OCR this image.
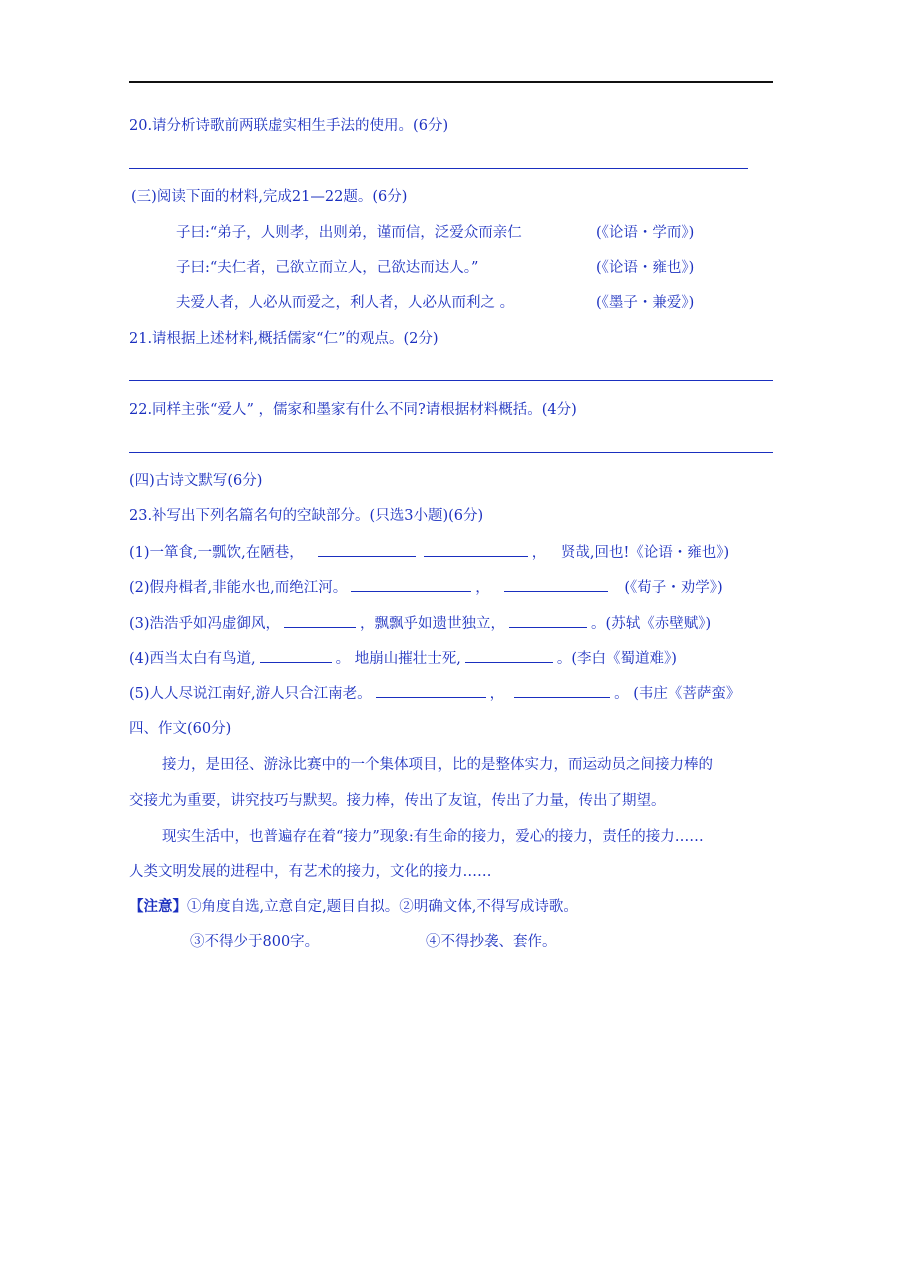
20.请分析诗歌前两联虚实相生手法的使用。(6分)
(三)阅读下面的材料,完成21—22题。(6分)
子曰:“弟子，人则孝，出则弟，谨而信，泛爱众而亲仁	(《论语・学而》)
子曰:“夫仁者，己欲立而立人，己欲达而达人。”	(《论语・雍也》)
夫爱人者，人必从而爱之，利人者，人必从而利之 。	(《墨子・兼爱》)
21.请根据上述材料,概括儒家“仁”的观点。(2分)
22.同样主张“爱人” ，儒家和墨家有什么不同?请根据材料概括。(4分)
(四)古诗文默写(6分)
23.补写出下列名篇名句的空缺部分。(只选3小题)(6分)
(1)一箪食,一瓢饮,在陋巷，	， 贤哉,回也!《论语・雍也》)
(2)假舟楫者,非能水也,而绝江河。	，	(《荀子・劝学》)
(3)浩浩乎如冯虚御风，	，飘飘乎如遗世独立，	。(苏轼《赤壁赋》)
(4)西当太白有鸟道,	。 地崩山摧壮士死,	。(李白《蜀道难》)
(5)人人尽说江南好,游人只合江南老。	，	。 (韦庄《菩萨蛮》
四、作文(60分)
接力，是田径、游泳比赛中的一个集体项目，比的是整体实力，而运动员之间接力棒的
交接尤为重要，讲究技巧与默契。接力棒，传出了友谊，传出了力量，传出了期望。
现实生活中，也普遍存在着“接力”现象:有生命的接力，爱心的接力，责任的接力……
人类文明发展的进程中，有艺术的接力，文化的接力……
【注意】①角度自选,立意自定,题目自拟。②明确文体,不得写成诗歌。
③不得少于800字。	④不得抄袭、套作。
